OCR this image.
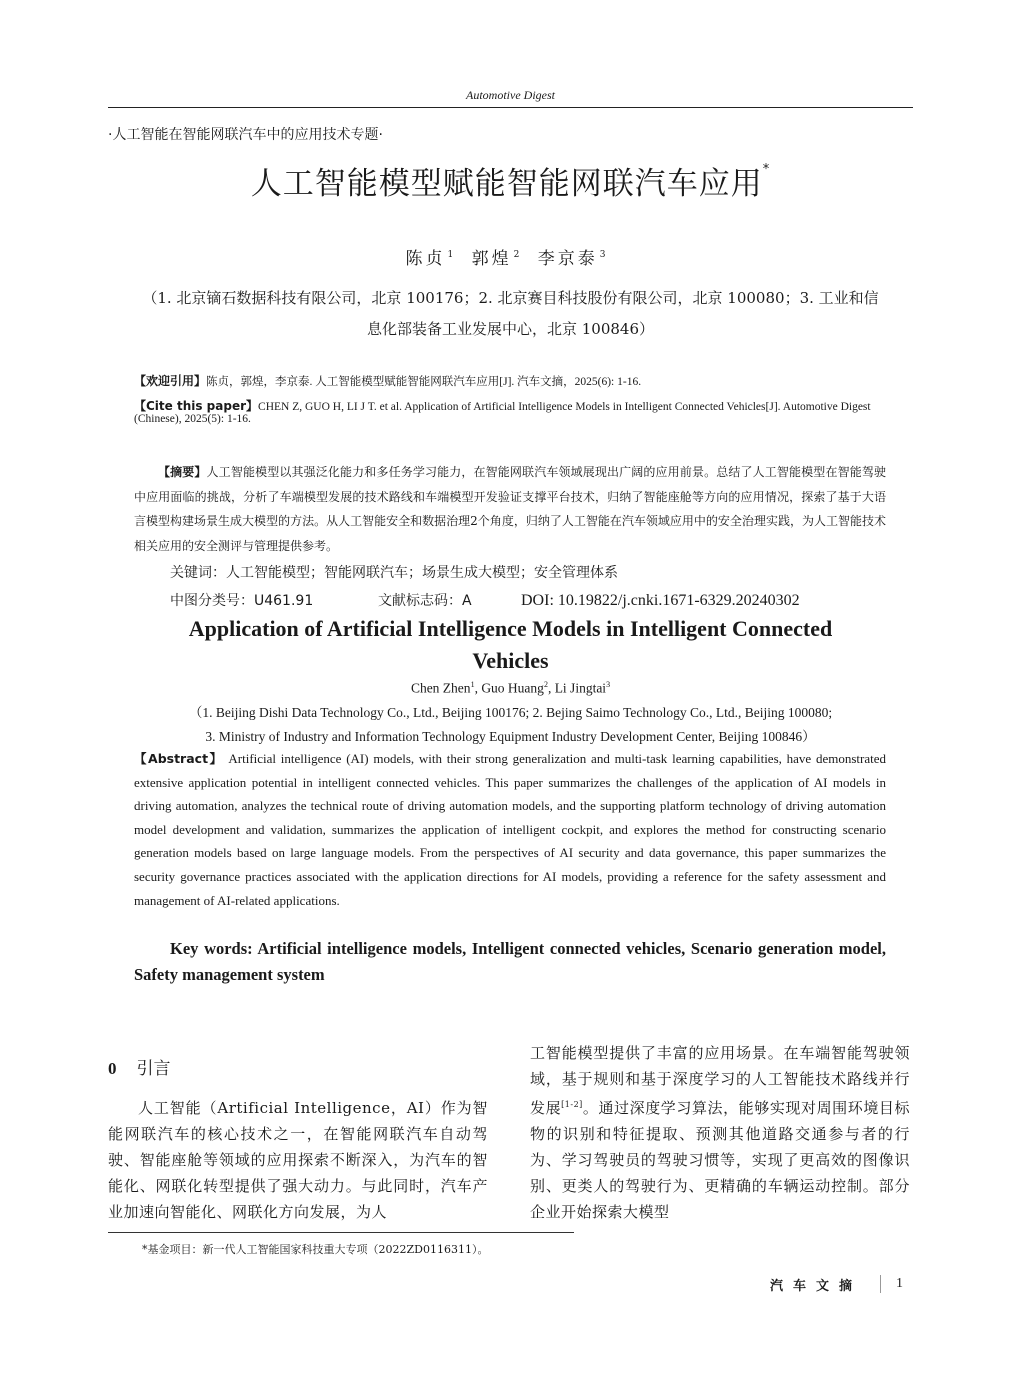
Automotive Digest
·人工智能在智能网联汽车中的应用技术专题·
人工智能模型赋能智能网联汽车应用*
陈贞 $^1$ 郭煌 $^2$ 李京泰 $^3$
（1. 北京镝石数据科技有限公司，北京 100176；2. 北京赛目科技股份有限公司，北京 100080；3. 工业和信
息化部装备工业发展中心，北京 100846）
【欢迎引用】陈贞，郭煌，李京泰. 人工智能模型赋能智能网联汽车应用[J]. 汽车文摘，2025(6): 1-16.
【Cite this paper】CHEN Z, GUO H, LI J T. et al. Application of Artificial Intelligence Models in Intelligent Connected Vehicles[J]. Automotive Digest (Chinese), 2025(5): 1-16.
【摘要】人工智能模型以其强泛化能力和多任务学习能力，在智能网联汽车领域展现出广阔的应用前景。总结了人工智能模型在智能驾驶中应用面临的挑战，分析了车端模型发展的技术路线和车端模型开发验证支撑平台技术，归纳了智能座舱等方向的应用情况，探索了基于大语言模型构建场景生成大模型的方法。从人工智能安全和数据治理2个角度，归纳了人工智能在汽车领域应用中的安全治理实践，为人工智能技术相关应用的安全测评与管理提供参考。
关键词：人工智能模型；智能网联汽车；场景生成大模型；安全管理体系
中图分类号：U461.91	文献标志码：A	DOI: 10.19822/j.cnki.1671-6329.20240302
Application of Artificial Intelligence Models in Intelligent Connected
Vehicles
Chen Zhen$^1$, Guo Huang$^2$, Li Jingtai$^3$
（1. Beijing Dishi Data Technology Co., Ltd., Beijing 100176; 2. Bejing Saimo Technology Co., Ltd., Beijing 100080;
3. Ministry of Industry and Information Technology Equipment Industry Development Center, Beijing 100846）
【Abstract】 Artificial intelligence (AI) models, with their strong generalization and multi-task learning capabilities, have demonstrated extensive application potential in intelligent connected vehicles. This paper summarizes the challenges of the application of AI models in driving automation, analyzes the technical route of driving automation models, and the supporting platform technology of driving automation model development and validation, summarizes the application of intelligent cockpit, and explores the method for constructing scenario generation models based on large language models. From the perspectives of AI security and data governance, this paper summarizes the security governance practices associated with the application directions for AI models, providing a reference for the safety assessment and management of AI-related applications.
Key words: Artificial intelligence models, Intelligent connected vehicles, Scenario generation model, Safety management system
0 引言
人工智能（Artificial Intelligence，AI）作为智能网联汽车的核心技术之一，在智能网联汽车自动驾驶、智能座舱等领域的应用探索不断深入，为汽车的智能化、网联化转型提供了强大动力。与此同时，汽车产业加速向智能化、网联化方向发展，为人
工智能模型提供了丰富的应用场景。在车端智能驾驶领域，基于规则和基于深度学习的人工智能技术路线并行发展[1-2]。通过深度学习算法，能够实现对周围环境目标物的识别和特征提取、预测其他道路交通参与者的行为、学习驾驶员的驾驶习惯等，实现了更高效的图像识别、更类人的驾驶行为、更精确的车辆运动控制。部分企业开始探索大模型
*基金项目：新一代人工智能国家科技重大专项（2022ZD0116311）。
汽车文摘 1
